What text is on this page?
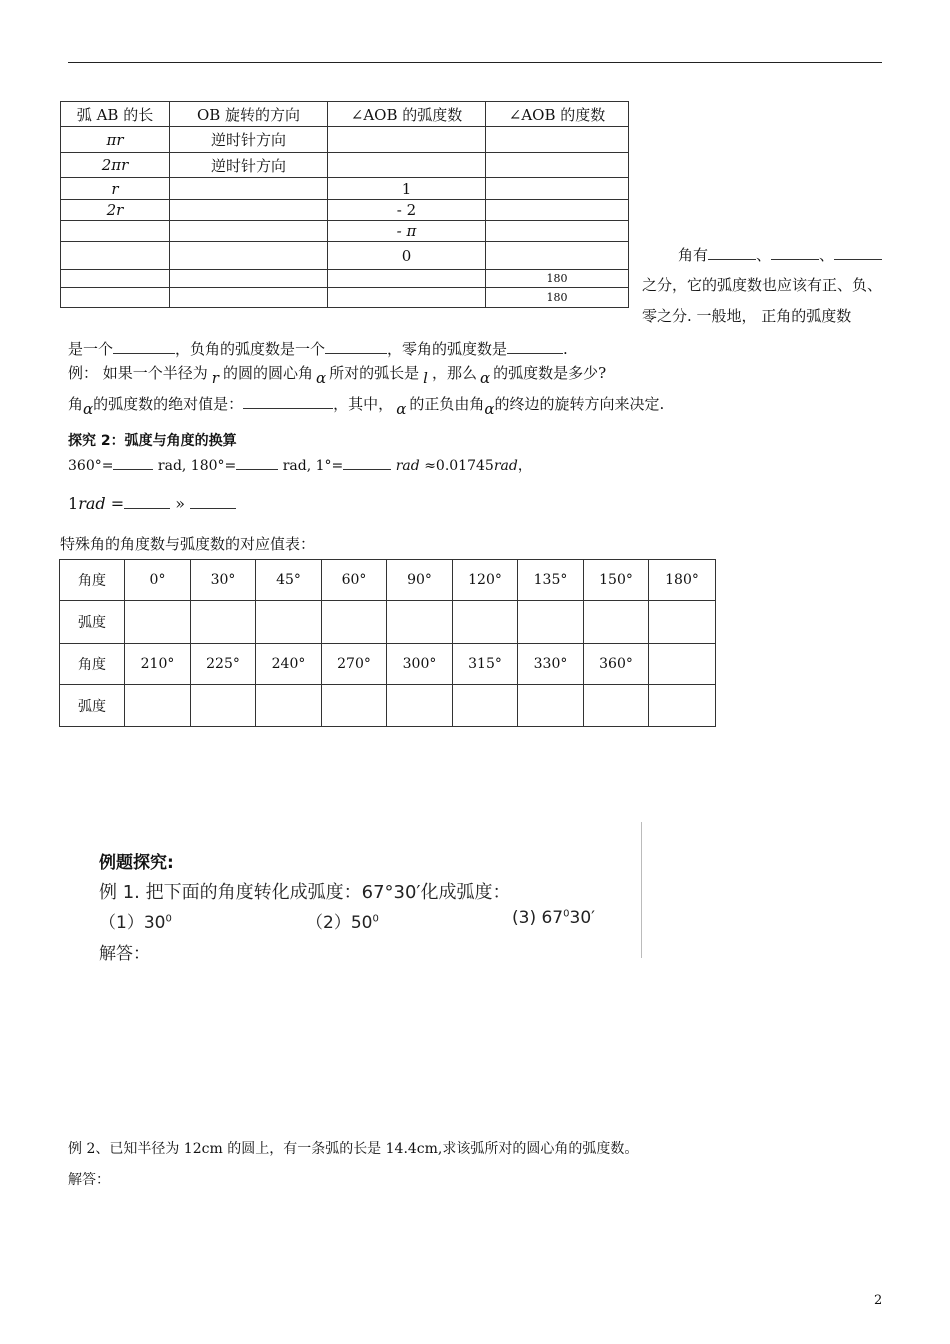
弧 AB 的长	OB 旋转的方向	∠AOB 的弧度数	∠AOB 的度数
πr	逆时针方向		
2πr	逆时针方向		
r		1	
2r		- 2	
		- π	
		0	
			180
			180
角有	、	、
之分，它的弧度数也应该有正、负、
零之分. 一般地， 正角的弧度数
是一个	，负角的弧度数是一个	，零角的弧度数是	.
例： 如果一个半径为 r 的圆的圆心角 α 所对的弧长是 l ，那么 α 的弧度数是多少?
角α的弧度数的绝对值是：	，其中， α 的正负由角α的终边的旋转方向来决定.
探究 2：弧度与角度的换算
360°=	rad, 180°=	rad, 1°=	rad ≈0.01745rad，
1rad =	»
特殊角的角度数与弧度数的对应值表：
角度	0°	30°	45°	60°	90°	120°	135°	150°	180°
弧度									
角度	210°	225°	240°	270°	300°	315°	330°	360°	
弧度									
例题探究:
例 1. 把下面的角度转化成弧度：67°30′化成弧度：
$(1)30^0$	$(2)50^0$	(3) $67^030'$
解答：
例 2、已知半径为 12cm 的圆上，有一条弧的长是 14.4cm,求该弧所对的圆心角的弧度数。
解答：
2
